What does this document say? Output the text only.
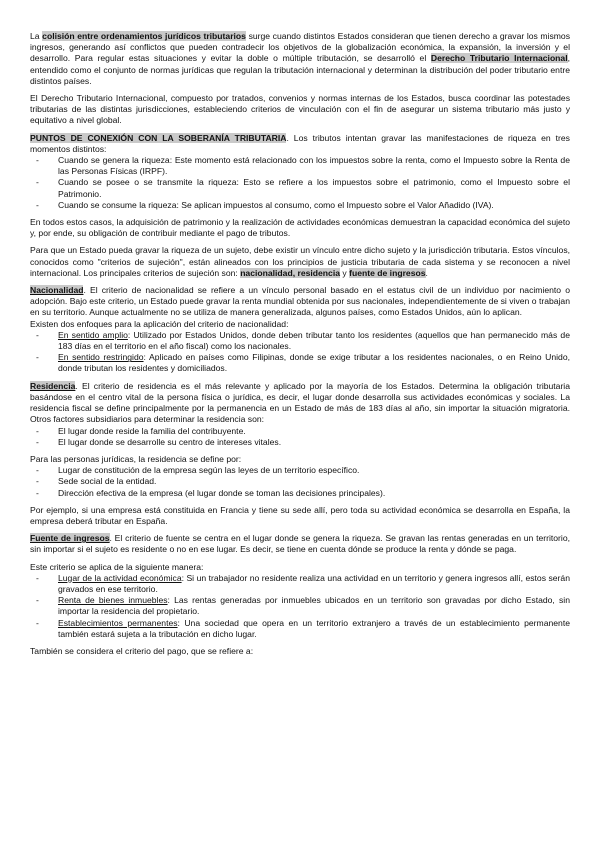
La colisión entre ordenamientos jurídicos tributarios surge cuando distintos Estados consideran que tienen derecho a gravar los mismos ingresos, generando así conflictos que pueden contradecir los objetivos de la globalización económica, la expansión, la inversión y el desarrollo. Para regular estas situaciones y evitar la doble o múltiple tributación, se desarrolló el Derecho Tributario Internacional, entendido como el conjunto de normas jurídicas que regulan la tributación internacional y determinan la distribución del poder tributario entre distintos países.

El Derecho Tributario Internacional, compuesto por tratados, convenios y normas internas de los Estados, busca coordinar las potestades tributarias de las distintas jurisdicciones, estableciendo criterios de vinculación con el fin de asegurar un sistema tributario más justo y equitativo a nivel global.

PUNTOS DE CONEXIÓN CON LA SOBERANÍA TRIBUTARIA. Los tributos intentan gravar las manifestaciones de riqueza en tres momentos distintos:

- Cuando se genera la riqueza: Este momento está relacionado con los impuestos sobre la renta, como el Impuesto sobre la Renta de las Personas Físicas (IRPF).
- Cuando se posee o se transmite la riqueza: Esto se refiere a los impuestos sobre el patrimonio, como el Impuesto sobre el Patrimonio.
- Cuando se consume la riqueza: Se aplican impuestos al consumo, como el Impuesto sobre el Valor Añadido (IVA).

En todos estos casos, la adquisición de patrimonio y la realización de actividades económicas demuestran la capacidad económica del sujeto y, por ende, su obligación de contribuir mediante el pago de tributos.

Para que un Estado pueda gravar la riqueza de un sujeto, debe existir un vínculo entre dicho sujeto y la jurisdicción tributaria. Estos vínculos, conocidos como "criterios de sujeción", están alineados con los principios de justicia tributaria de cada sistema y se reconocen a nivel internacional. Los principales criterios de sujeción son: nacionalidad, residencia y fuente de ingresos.

Nacionalidad. El criterio de nacionalidad se refiere a un vínculo personal basado en el estatus civil de un individuo por nacimiento o adopción. Bajo este criterio, un Estado puede gravar la renta mundial obtenida por sus nacionales, independientemente de si viven o trabajan en su territorio. Aunque actualmente no se utiliza de manera generalizada, algunos países, como Estados Unidos, aún lo aplican.

Existen dos enfoques para la aplicación del criterio de nacionalidad:

- En sentido amplio: Utilizado por Estados Unidos, donde deben tributar tanto los residentes (aquellos que han permanecido más de 183 días en el territorio en el año fiscal) como los nacionales.
- En sentido restringido: Aplicado en países como Filipinas, donde se exige tributar a los residentes nacionales, o en Reino Unido, donde tributan los residentes y domiciliados.

Residencia. El criterio de residencia es el más relevante y aplicado por la mayoría de los Estados. Determina la obligación tributaria basándose en el centro vital de la persona física o jurídica, es decir, el lugar donde desarrolla sus actividades económicas y sociales. La residencia fiscal se define principalmente por la permanencia en un Estado de más de 183 días al año, sin importar la situación migratoria. Otros factores subsidiarios para determinar la residencia son:

- El lugar donde reside la familia del contribuyente.
- El lugar donde se desarrolle su centro de intereses vitales.

Para las personas jurídicas, la residencia se define por:

- Lugar de constitución de la empresa según las leyes de un territorio específico.
- Sede social de la entidad.
- Dirección efectiva de la empresa (el lugar donde se toman las decisiones principales).

Por ejemplo, si una empresa está constituida en Francia y tiene su sede allí, pero toda su actividad económica se desarrolla en España, la empresa deberá tributar en España.

Fuente de ingresos. El criterio de fuente se centra en el lugar donde se genera la riqueza. Se gravan las rentas generadas en un territorio, sin importar si el sujeto es residente o no en ese lugar. Es decir, se tiene en cuenta dónde se produce la renta y dónde se paga.

Este criterio se aplica de la siguiente manera:

- Lugar de la actividad económica: Si un trabajador no residente realiza una actividad en un territorio y genera ingresos allí, estos serán gravados en ese territorio.
- Renta de bienes inmuebles: Las rentas generadas por inmuebles ubicados en un territorio son gravadas por dicho Estado, sin importar la residencia del propietario.
- Establecimientos permanentes: Una sociedad que opera en un territorio extranjero a través de un establecimiento permanente también estará sujeta a la tributación en dicho lugar.

También se considera el criterio del pago, que se refiere a:
